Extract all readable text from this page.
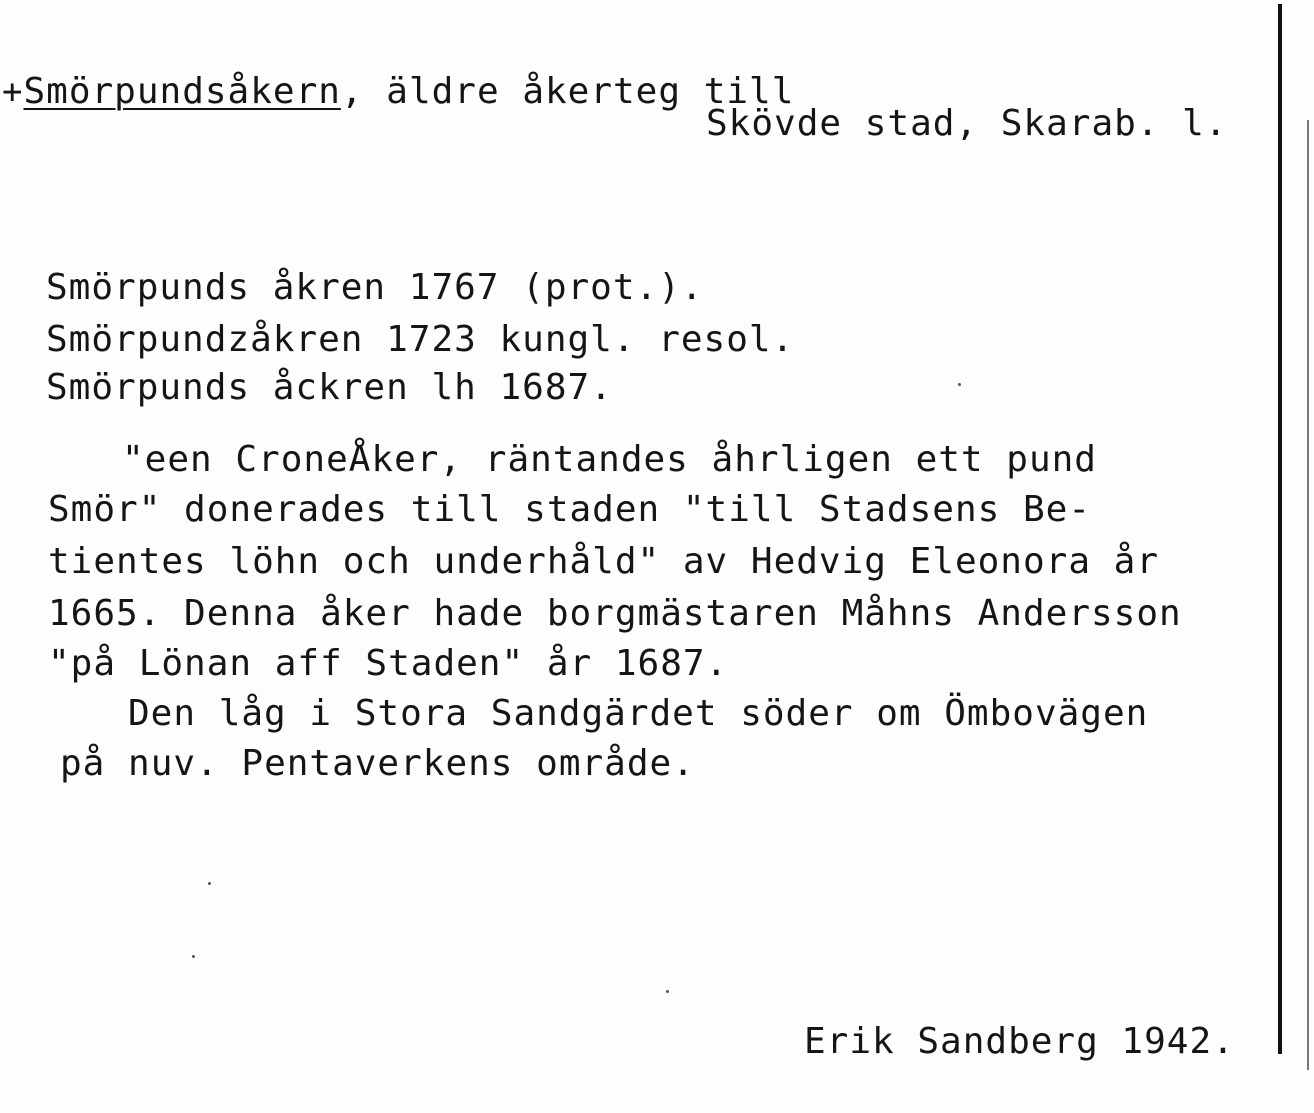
+Smörpundsåkern, äldre åkerteg till
Skövde stad, Skarab. l.
Smörpunds åkren 1767 (prot.).
Smörpundzåkren 1723 kungl. resol.
Smörpunds åckren lh 1687.
"een CroneÅker, räntandes åhrligen ett pund
Smör" donerades till staden "till Stadsens Be-
tientes löhn och underhåld" av Hedvig Eleonora år
1665. Denna åker hade borgmästaren Måhns Andersson
"på Lönan aff Staden" år 1687.
Den låg i Stora Sandgärdet söder om Ömbovägen
på nuv. Pentaverkens område.
Erik Sandberg 1942.
